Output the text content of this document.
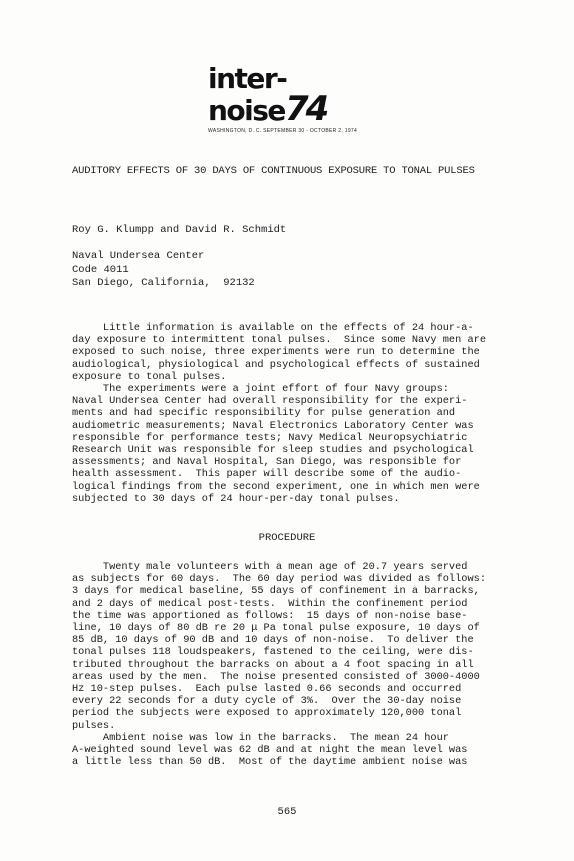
inter-noise74
WASHINGTON, D. C. SEPTEMBER 30 - OCTOBER 2, 1974
AUDITORY EFFECTS OF 30 DAYS OF CONTINUOUS EXPOSURE TO TONAL PULSES
Roy G. Klumpp and David R. Schmidt
Naval Undersea Center
Code 4011
San Diego, California,  92132
Little information is available on the effects of 24 hour-a-
day exposure to intermittent tonal pulses.  Since some Navy men are
exposed to such noise, three experiments were run to determine the
audiological, physiological and psychological effects of sustained
exposure to tonal pulses.
The experiments were a joint effort of four Navy groups:
Naval Undersea Center had overall responsibility for the experi-
ments and had specific responsibility for pulse generation and
audiometric measurements; Naval Electronics Laboratory Center was
responsible for performance tests; Navy Medical Neuropsychiatric
Research Unit was responsible for sleep studies and psychological
assessments; and Naval Hospital, San Diego, was responsible for
health assessment.  This paper will describe some of the audio-
logical findings from the second experiment, one in which men were
subjected to 30 days of 24 hour-per-day tonal pulses.
PROCEDURE
Twenty male volunteers with a mean age of 20.7 years served
as subjects for 60 days.  The 60 day period was divided as follows:
3 days for medical baseline, 55 days of confinement in a barracks,
and 2 days of medical post-tests.  Within the confinement period
the time was apportioned as follows:  15 days of non-noise base-
line, 10 days of 80 dB re 20 μ Pa tonal pulse exposure, 10 days of
85 dB, 10 days of 90 dB and 10 days of non-noise.  To deliver the
tonal pulses 118 loudspeakers, fastened to the ceiling, were dis-
tributed throughout the barracks on about a 4 foot spacing in all
areas used by the men.  The noise presented consisted of 3000-4000
Hz 10-step pulses.  Each pulse lasted 0.66 seconds and occurred
every 22 seconds for a duty cycle of 3%.  Over the 30-day noise
period the subjects were exposed to approximately 120,000 tonal
pulses.
Ambient noise was low in the barracks.  The mean 24 hour
A-weighted sound level was 62 dB and at night the mean level was
a little less than 50 dB.  Most of the daytime ambient noise was
565
